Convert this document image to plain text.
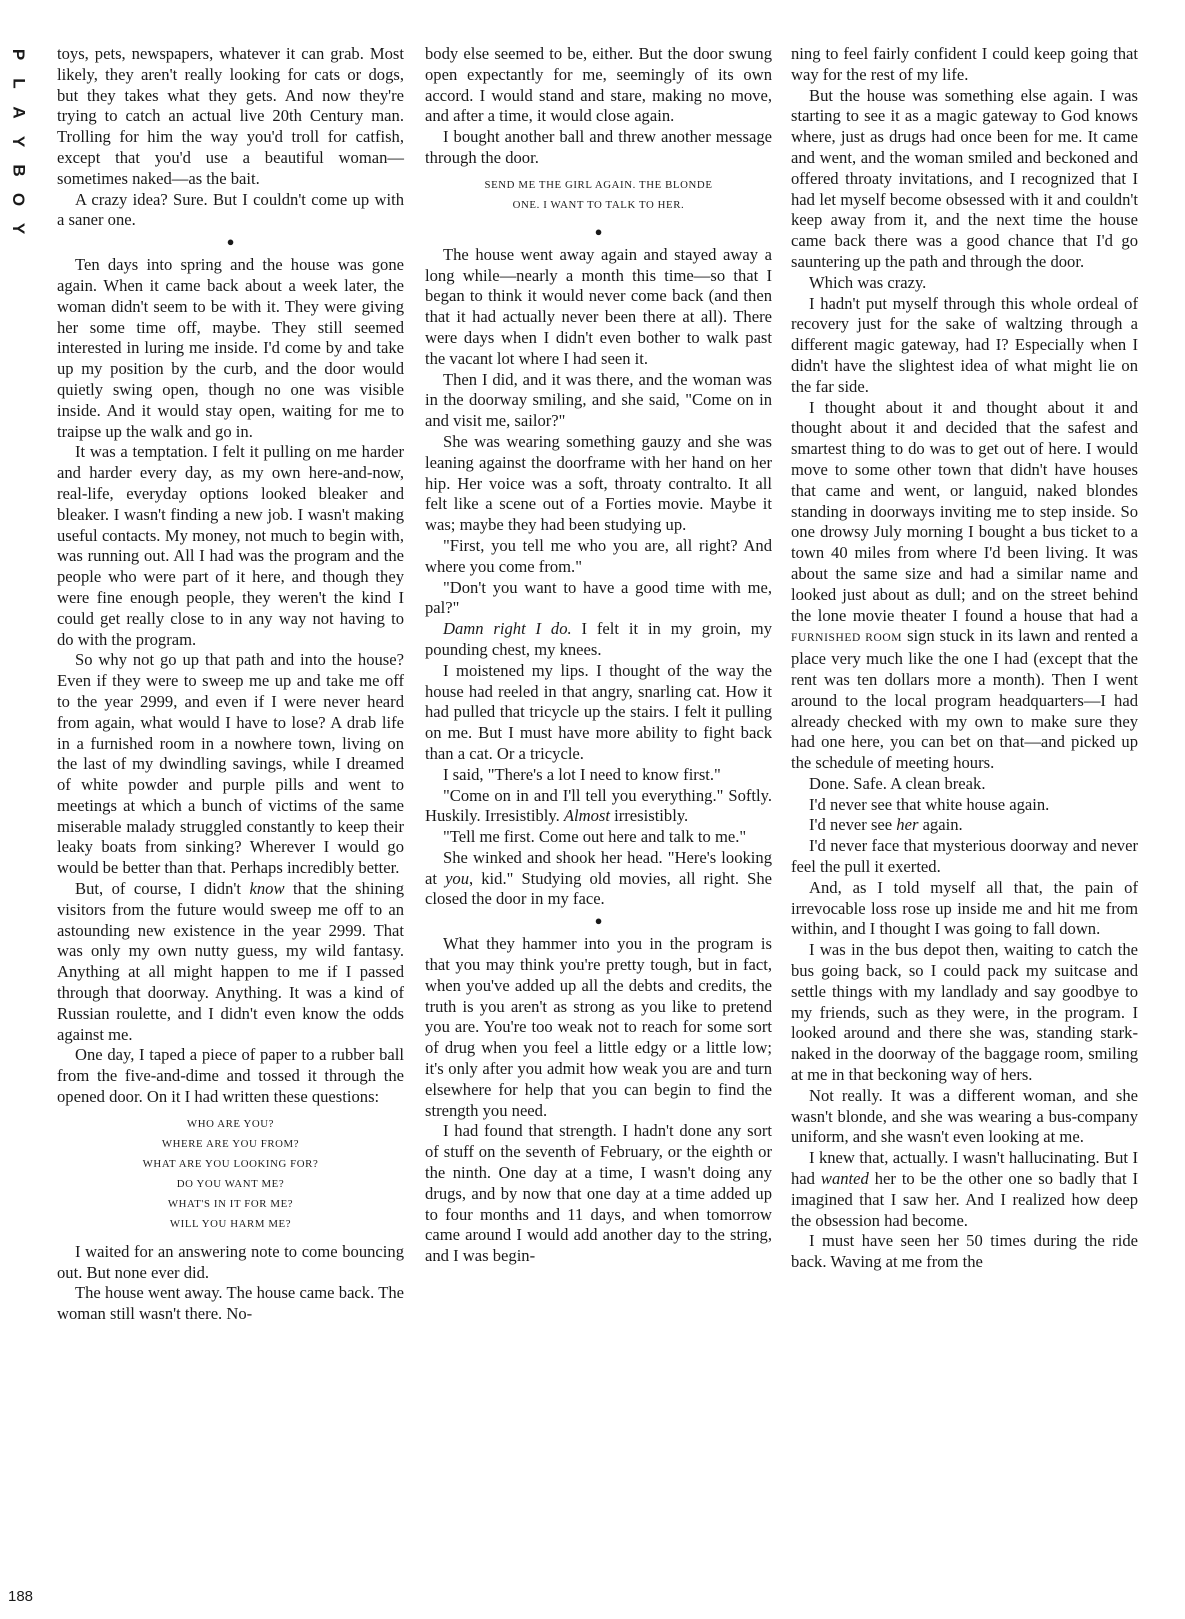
P
L
A
Y
B
O
Y
188

toys, pets, newspapers, whatever it can grab. Most likely, they aren't really looking for cats or dogs, but they takes what they gets. And now they're trying to catch an actual live 20th Century man. Trolling for him the way you'd troll for catfish, except that you'd use a beautiful woman—sometimes naked—as the bait.

A crazy idea? Sure. But I couldn't come up with a saner one.

●

Ten days into spring and the house was gone again. When it came back about a week later, the woman didn't seem to be with it. They were giving her some time off, maybe. They still seemed interested in luring me inside. I'd come by and take up my position by the curb, and the door would quietly swing open, though no one was visible inside. And it would stay open, waiting for me to traipse up the walk and go in.

It was a temptation. I felt it pulling on me harder and harder every day, as my own here-and-now, real-life, everyday options looked bleaker and bleaker. I wasn't finding a new job. I wasn't making useful contacts. My money, not much to begin with, was running out. All I had was the program and the people who were part of it here, and though they were fine enough people, they weren't the kind I could get really close to in any way not having to do with the program.

So why not go up that path and into the house? Even if they were to sweep me up and take me off to the year 2999, and even if I were never heard from again, what would I have to lose? A drab life in a furnished room in a nowhere town, living on the last of my dwindling savings, while I dreamed of white powder and purple pills and went to meetings at which a bunch of victims of the same miserable malady struggled constantly to keep their leaky boats from sinking? Wherever I would go would be better than that. Perhaps incredibly better.

But, of course, I didn't know that the shining visitors from the future would sweep me off to an astounding new existence in the year 2999. That was only my own nutty guess, my wild fantasy. Anything at all might happen to me if I passed through that doorway. Anything. It was a kind of Russian roulette, and I didn't even know the odds against me.

One day, I taped a piece of paper to a rubber ball from the five-and-dime and tossed it through the opened door. On it I had written these questions:

WHO ARE YOU?
WHERE ARE YOU FROM?
WHAT ARE YOU LOOKING FOR?
DO YOU WANT ME?
WHAT'S IN IT FOR ME?
WILL YOU HARM ME?

I waited for an answering note to come bouncing out. But none ever did.

The house went away. The house came back. The woman still wasn't there. No-

body else seemed to be, either. But the door swung open expectantly for me, seemingly of its own accord. I would stand and stare, making no move, and after a time, it would close again.

I bought another ball and threw another message through the door.

SEND ME THE GIRL AGAIN. THE BLONDE
ONE. I WANT TO TALK TO HER.
●

The house went away again and stayed away a long while—nearly a month this time—so that I began to think it would never come back (and then that it had actually never been there at all). There were days when I didn't even bother to walk past the vacant lot where I had seen it.

Then I did, and it was there, and the woman was in the doorway smiling, and she said, "Come on in and visit me, sailor?"

She was wearing something gauzy and she was leaning against the doorframe with her hand on her hip. Her voice was a soft, throaty contralto. It all felt like a scene out of a Forties movie. Maybe it was; maybe they had been studying up.

"First, you tell me who you are, all right? And where you come from."

"Don't you want to have a good time with me, pal?"

Damn right I do. I felt it in my groin, my pounding chest, my knees.

I moistened my lips. I thought of the way the house had reeled in that angry, snarling cat. How it had pulled that tricycle up the stairs. I felt it pulling on me. But I must have more ability to fight back than a cat. Or a tricycle.

I said, "There's a lot I need to know first."

"Come on in and I'll tell you everything." Softly. Huskily. Irresistibly. Almost irresistibly.

"Tell me first. Come out here and talk to me."

She winked and shook her head. "Here's looking at you, kid." Studying old movies, all right. She closed the door in my face.

●

What they hammer into you in the program is that you may think you're pretty tough, but in fact, when you've added up all the debts and credits, the truth is you aren't as strong as you like to pretend you are. You're too weak not to reach for some sort of drug when you feel a little edgy or a little low; it's only after you admit how weak you are and turn elsewhere for help that you can begin to find the strength you need.

I had found that strength. I hadn't done any sort of stuff on the seventh of February, or the eighth or the ninth. One day at a time, I wasn't doing any drugs, and by now that one day at a time added up to four months and 11 days, and when tomorrow came around I would add another day to the string, and I was begin-

ning to feel fairly confident I could keep going that way for the rest of my life.

But the house was something else again. I was starting to see it as a magic gateway to God knows where, just as drugs had once been for me. It came and went, and the woman smiled and beckoned and offered throaty invitations, and I recognized that I had let myself become obsessed with it and couldn't keep away from it, and the next time the house came back there was a good chance that I'd go sauntering up the path and through the door.

Which was crazy.

I hadn't put myself through this whole ordeal of recovery just for the sake of waltzing through a different magic gateway, had I? Especially when I didn't have the slightest idea of what might lie on the far side.

I thought about it and thought about it and thought about it and decided that the safest and smartest thing to do was to get out of here. I would move to some other town that didn't have houses that came and went, or languid, naked blondes standing in doorways inviting me to step inside. So one drowsy July morning I bought a bus ticket to a town 40 miles from where I'd been living. It was about the same size and had a similar name and looked just about as dull; and on the street behind the lone movie theater I found a house that had a FURNISHED ROOM sign stuck in its lawn and rented a place very much like the one I had (except that the rent was ten dollars more a month). Then I went around to the local program headquarters—I had already checked with my own to make sure they had one here, you can bet on that—and picked up the schedule of meeting hours.

Done. Safe. A clean break.

I'd never see that white house again.

I'd never see her again.

I'd never face that mysterious doorway and never feel the pull it exerted.

And, as I told myself all that, the pain of irrevocable loss rose up inside me and hit me from within, and I thought I was going to fall down.

I was in the bus depot then, waiting to catch the bus going back, so I could pack my suitcase and settle things with my landlady and say goodbye to my friends, such as they were, in the program. I looked around and there she was, standing stark-naked in the doorway of the baggage room, smiling at me in that beckoning way of hers.

Not really. It was a different woman, and she wasn't blonde, and she was wearing a bus-company uniform, and she wasn't even looking at me.

I knew that, actually. I wasn't hallucinating. But I had wanted her to be the other one so badly that I imagined that I saw her. And I realized how deep the obsession had become.

I must have seen her 50 times during the ride back. Waving at me from the
